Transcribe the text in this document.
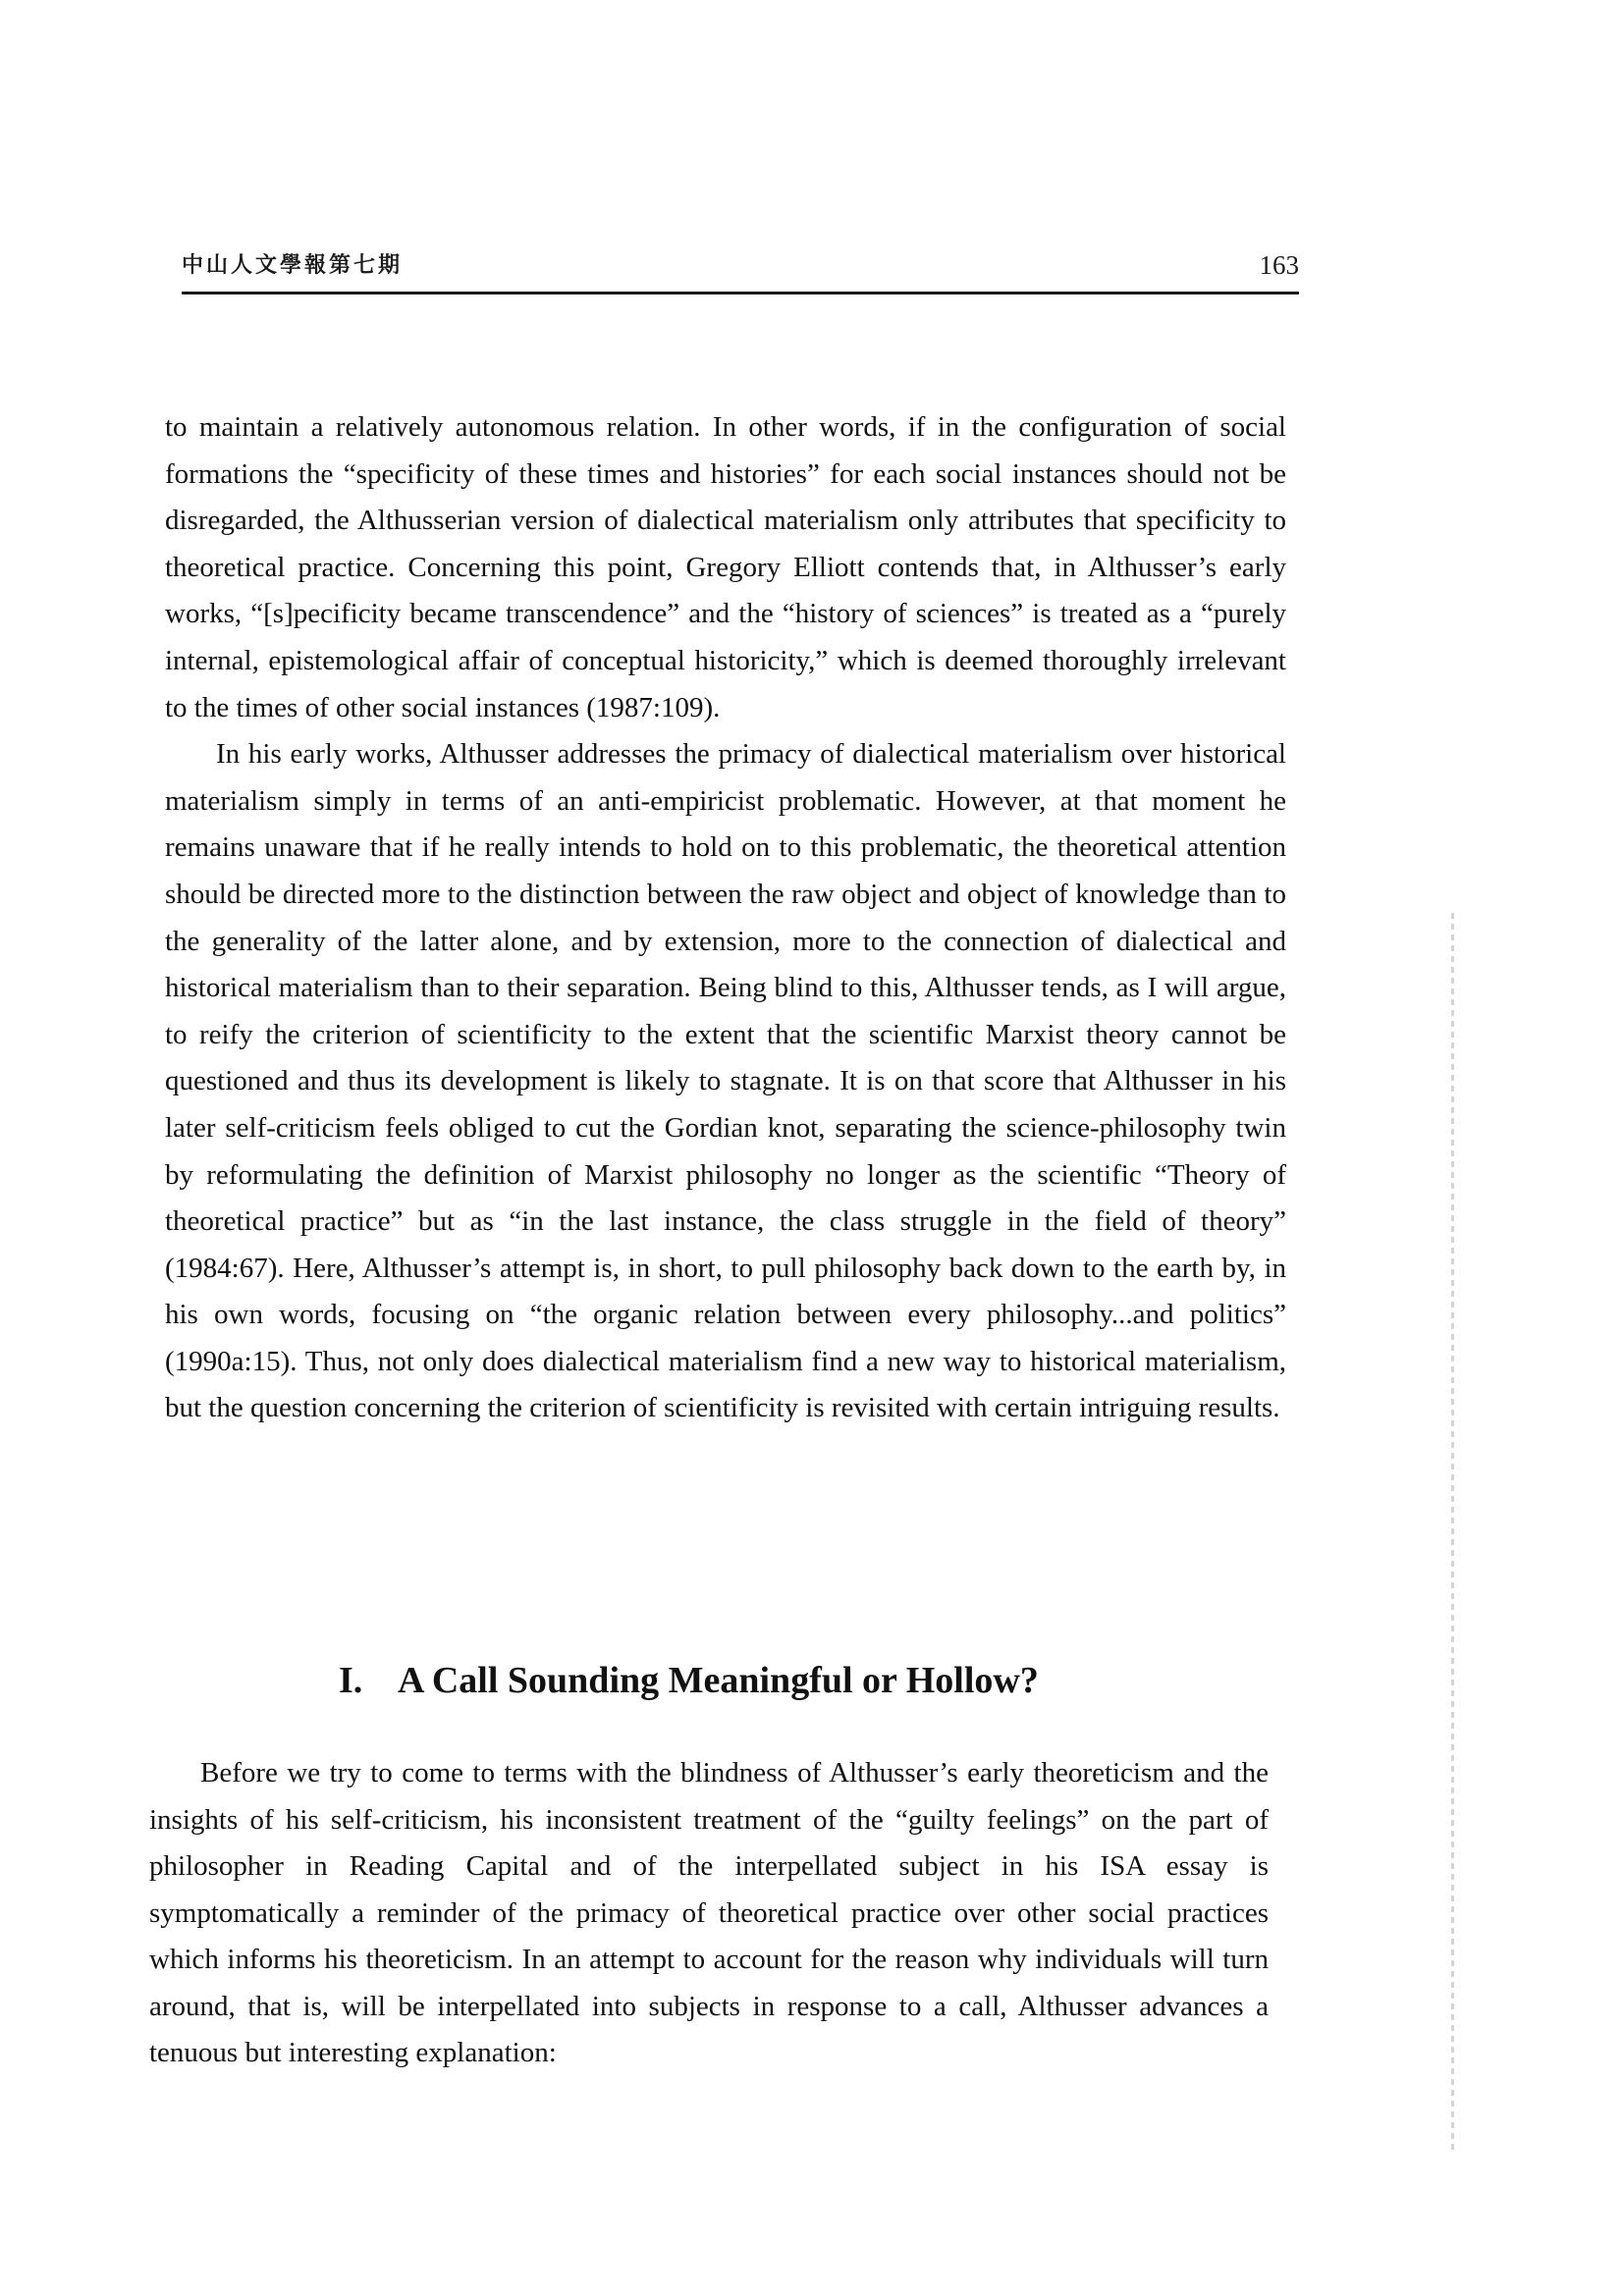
中山人文學報第七期	163

to maintain a relatively autonomous relation. In other words, if in the configuration of social formations the “specificity of these times and histories” for each social instances should not be disregarded, the Althusserian version of dialectical materialism only attributes that specificity to theoretical practice. Concerning this point, Gregory Elliott contends that, in Althusser’s early works, “[s]pecificity became transcendence” and the “history of sciences” is treated as a “purely internal, epistemological affair of conceptual historicity,” which is deemed thoroughly irrelevant to the times of other social instances (1987:109).

In his early works, Althusser addresses the primacy of dialectical materialism over historical materialism simply in terms of an anti-empiricist problematic. However, at that moment he remains unaware that if he really intends to hold on to this problematic, the theoretical attention should be directed more to the distinction between the raw object and object of knowledge than to the generality of the latter alone, and by extension, more to the connection of dialectical and historical materialism than to their separation. Being blind to this, Althusser tends, as I will argue, to reify the criterion of scientificity to the extent that the scientific Marxist theory cannot be questioned and thus its development is likely to stagnate. It is on that score that Althusser in his later self-criticism feels obliged to cut the Gordian knot, separating the science-philosophy twin by reformulating the definition of Marxist philosophy no longer as the scientific “Theory of theoretical practice” but as “in the last instance, the class struggle in the field of theory” (1984:67). Here, Althusser’s attempt is, in short, to pull philosophy back down to the earth by, in his own words, focusing on “the organic relation between every philosophy...and politics” (1990a:15). Thus, not only does dialectical materialism find a new way to historical materialism, but the question concerning the criterion of scientificity is revisited with certain intriguing results.

I. A Call Sounding Meaningful or Hollow?

Before we try to come to terms with the blindness of Althusser’s early theoreticism and the insights of his self-criticism, his inconsistent treatment of the “guilty feelings” on the part of philosopher in Reading Capital and of the interpellated subject in his ISA essay is symptomatically a reminder of the primacy of theoretical practice over other social practices which informs his theoreticism. In an attempt to account for the reason why individuals will turn around, that is, will be interpellated into subjects in response to a call, Althusser advances a tenuous but interesting explanation:
